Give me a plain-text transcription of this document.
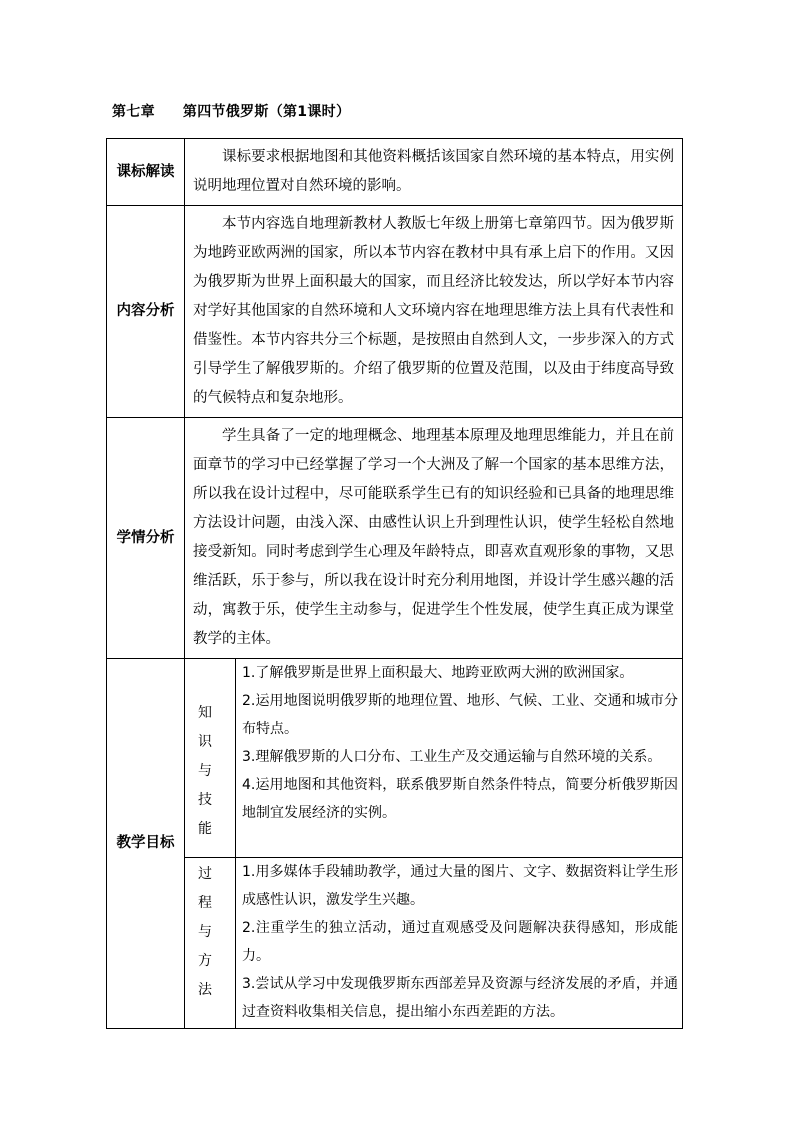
第七章 第四节俄罗斯（第1课时）
课标解读	课标要求根据地图和其他资料概括该国家自然环境的基本特点，用实例说明地理位置对自然环境的影响。	

内容分析	本节内容选自地理新教材人教版七年级上册第七章第四节。因为俄罗斯为地跨亚欧两洲的国家，所以本节内容在教材中具有承上启下的作用。又因为俄罗斯为世界上面积最大的国家，而且经济比较发达，所以学好本节内容对学好其他国家的自然环境和人文环境内容在地理思维方法上具有代表性和借鉴性。本节内容共分三个标题，是按照由自然到人文，一步步深入的方式引导学生了解俄罗斯的。介绍了俄罗斯的位置及范围，以及由于纬度高导致的气候特点和复杂地形。	

学情分析	学生具备了一定的地理概念、地理基本原理及地理思维能力，并且在前面章节的学习中已经掌握了学习一个大洲及了解一个国家的基本思维方法，所以我在设计过程中，尽可能联系学生已有的知识经验和已具备的地理思维方法设计问题，由浅入深、由感性认识上升到理性认识，使学生轻松自然地接受新知。同时考虑到学生心理及年龄特点，即喜欢直观形象的事物，又思维活跃，乐于参与，所以我在设计时充分利用地图，并设计学生感兴趣的活动，寓教于乐，使学生主动参与，促进学生个性发展，使学生真正成为课堂教学的主体。	

教学目标	知识与技能	1.了解俄罗斯是世界上面积最大、地跨亚欧两大洲的欧洲国家。
2.运用地图说明俄罗斯的地理位置、地形、气候、工业、交通和城市分布特点。
3.理解俄罗斯的人口分布、工业生产及交通运输与自然环境的关系。
4.运用地图和其他资料，联系俄罗斯自然条件特点，简要分析俄罗斯因地制宜发展经济的实例。

	过程与方法	1.用多媒体手段辅助教学，通过大量的图片、文字、数据资料让学生形成感性认识，激发学生兴趣。
2.注重学生的独立活动，通过直观感受及问题解决获得感知，形成能力。
3.尝试从学习中发现俄罗斯东西部差异及资源与经济发展的矛盾，并通过查资料收集相关信息，提出缩小东西差距的方法。
